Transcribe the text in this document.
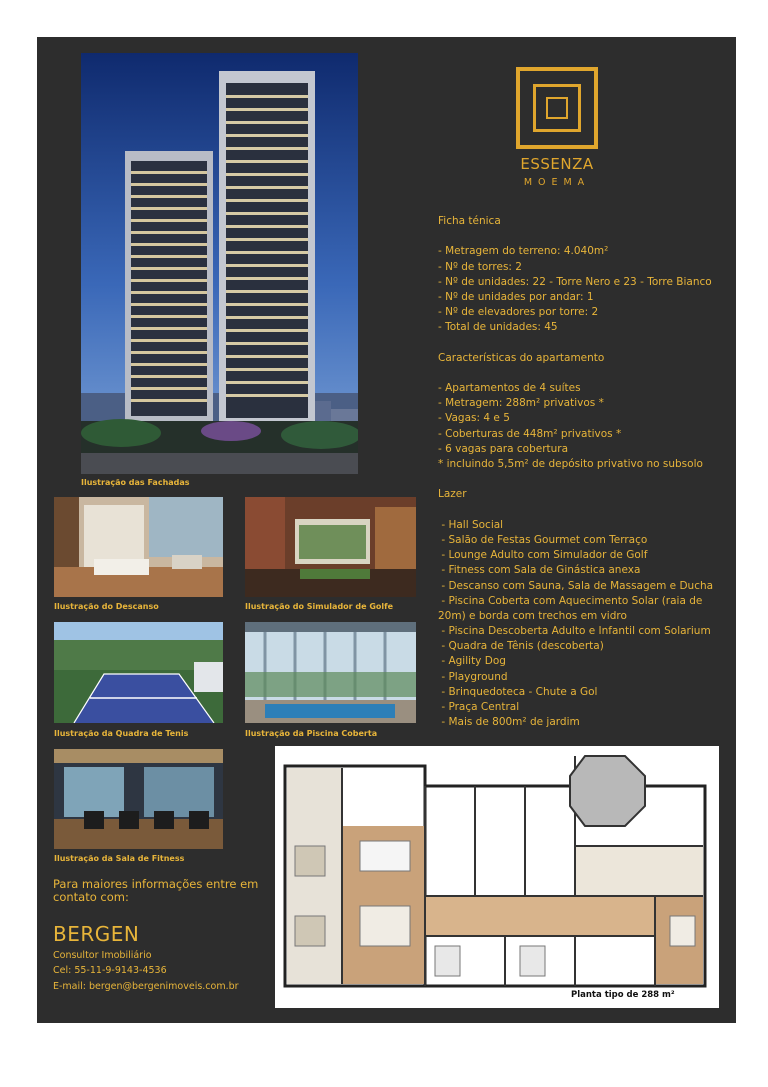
Ilustração das Fachadas
ESSENZA
MOEMA
Ficha ténica
- Metragem do terreno: 4.040m²
- Nº de torres: 2
- Nº de unidades: 22 - Torre Nero e 23 - Torre Bianco
- Nº de unidades por andar: 1
- Nº de elevadores por torre: 2
- Total de unidades: 45
Características do apartamento
- Apartamentos de 4 suítes
- Metragem: 288m² privativos *
- Vagas: 4 e 5
- Coberturas de 448m² privativos *
- 6 vagas para cobertura
* incluindo 5,5m² de depósito privativo no subsolo
Lazer
- Hall Social
- Salão de Festas Gourmet com Terraço
- Lounge Adulto com Simulador de Golf
- Fitness com Sala de Ginástica anexa
- Descanso com Sauna, Sala de Massagem e Ducha
- Piscina Coberta com Aquecimento Solar (raia de
20m) e borda com trechos em vidro
- Piscina Descoberta Adulto e Infantil com Solarium
- Quadra de Tênis (descoberta)
- Agility Dog
- Playground
- Brinquedoteca - Chute a Gol
- Praça Central
- Mais de 800m² de jardim
Ilustração do Descanso	Ilustração do Simulador de Golfe
Ilustração da Quadra de Tenis	Ilustração da Piscina Coberta
Ilustração da Sala de Fitness
Para maiores informações entre em contato com:
BERGEN
Consultor Imobiliário
Cel: 55-11-9-9143-4536
E-mail: bergen@bergenimoveis.com.br
Planta tipo de 288 m²
